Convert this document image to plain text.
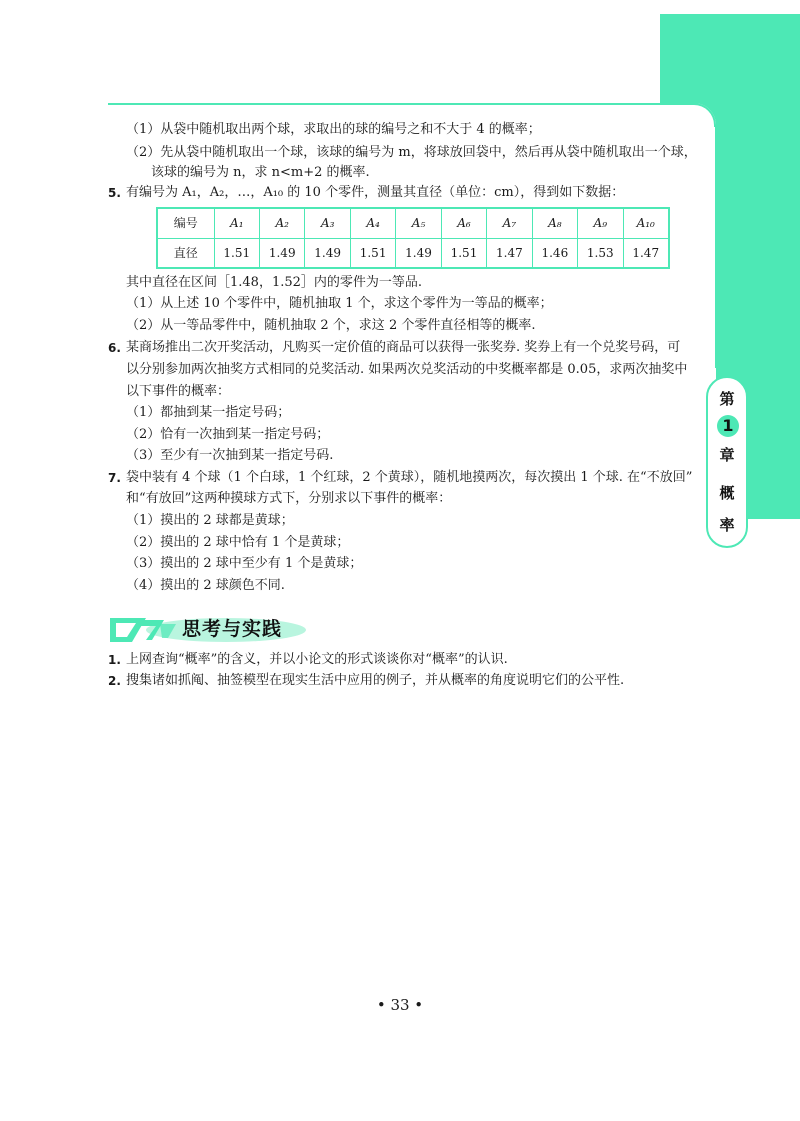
第
1
章
概
率
（1）从袋中随机取出两个球，求取出的球的编号之和不大于 4 的概率；
（2）先从袋中随机取出一个球，该球的编号为 m，将球放回袋中，然后再从袋中随机取出一个球，
该球的编号为 n，求 n<m+2 的概率.
5. 有编号为 A₁，A₂，…，A₁₀ 的 10 个零件，测量其直径（单位：cm），得到如下数据：
编号	A₁	A₂	A₃	A₄	A₅	A₆	A₇	A₈	A₉	A₁₀
直径	1.51	1.49	1.49	1.51	1.49	1.51	1.47	1.46	1.53	1.47
其中直径在区间［1.48，1.52］内的零件为一等品.
（1）从上述 10 个零件中，随机抽取 1 个，求这个零件为一等品的概率；
（2）从一等品零件中，随机抽取 2 个，求这 2 个零件直径相等的概率.
6. 某商场推出二次开奖活动，凡购买一定价值的商品可以获得一张奖券. 奖券上有一个兑奖号码，可
以分别参加两次抽奖方式相同的兑奖活动. 如果两次兑奖活动的中奖概率都是 0.05，求两次抽奖中
以下事件的概率：
（1）都抽到某一指定号码；
（2）恰有一次抽到某一指定号码；
（3）至少有一次抽到某一指定号码.
7. 袋中装有 4 个球（1 个白球，1 个红球，2 个黄球），随机地摸两次，每次摸出 1 个球. 在“不放回”
和“有放回”这两种摸球方式下，分别求以下事件的概率：
（1）摸出的 2 球都是黄球；
（2）摸出的 2 球中恰有 1 个是黄球；
（3）摸出的 2 球中至少有 1 个是黄球；
（4）摸出的 2 球颜色不同.
思考与实践
1. 上网查询“概率”的含义，并以小论文的形式谈谈你对“概率”的认识.
2. 搜集诸如抓阄、抽签模型在现实生活中应用的例子，并从概率的角度说明它们的公平性.
• 33 •
